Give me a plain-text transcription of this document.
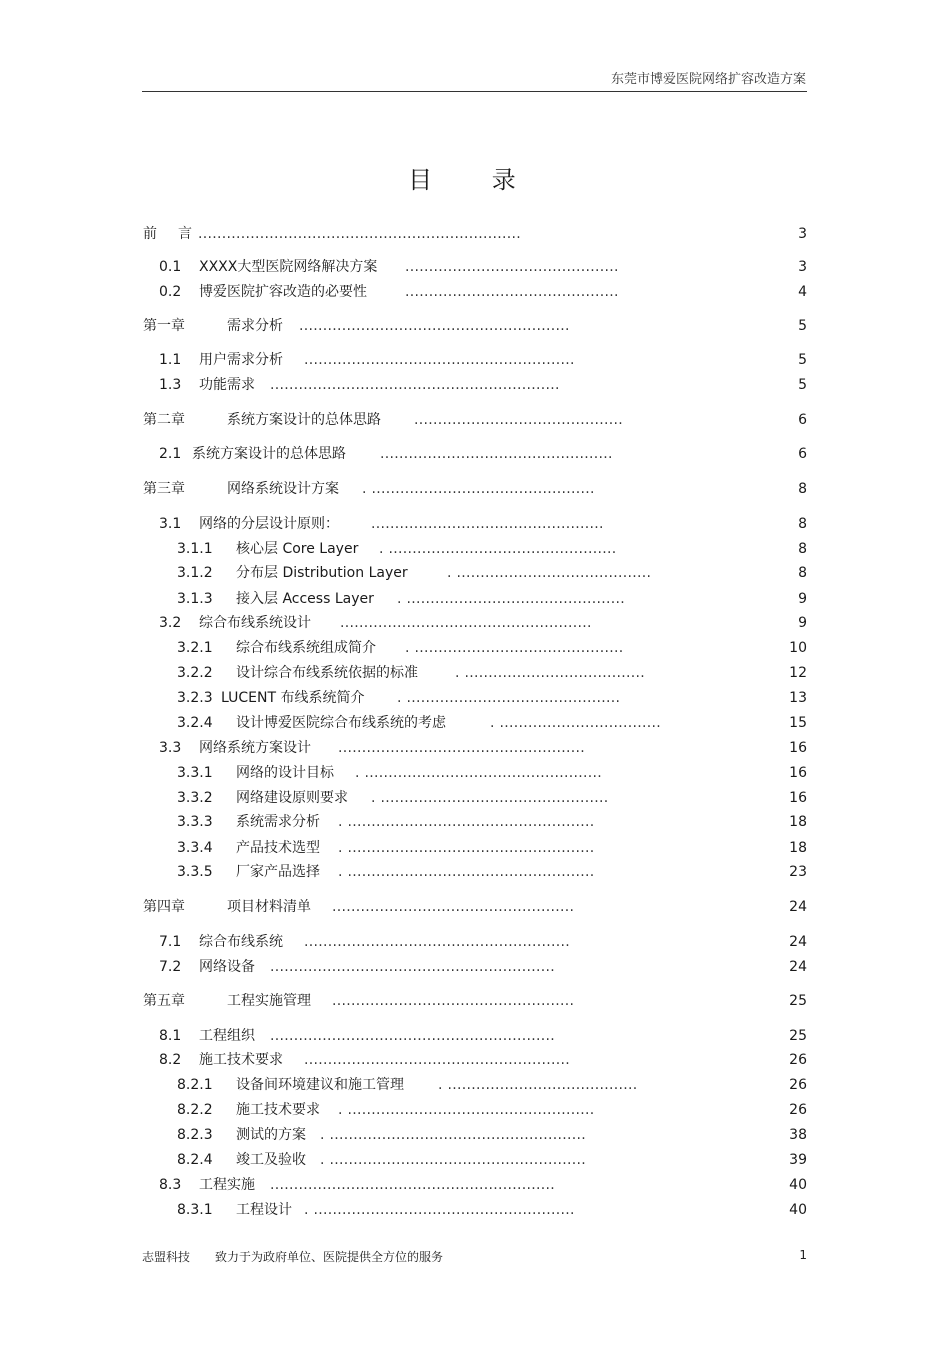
东莞市博爱医院网络扩容改造方案
目 录
前 言 ....................................................................	3
0.1 XXXX大型医院网络解决方案 .............................................	3
0.2 博爱医院扩容改造的必要性	.............................................	4
第一章	需求分析 .........................................................	5
1.1 用户需求分析 .........................................................	5
1.3 功能需求 .............................................................	5
第二章	系统方案设计的总体思路 ............................................	6
2.1 系统方案设计的总体思路 .................................................	6
第三章	网络系统设计方案 . ...............................................	8
3.1 网络的分层设计原则： .................................................	8
3.1.1 核心层 Core Layer . ................................................	8
3.1.2 分布层 Distribution Layer	. .........................................	8
3.1.3 接入层 Access Layer . ..............................................	9
3.2 综合布线系统设计 .....................................................	9
3.2.1 综合布线系统组成简介 . ............................................	10
3.2.2 设计综合布线系统依据的标准	. ......................................	12
3.2.3 LUCENT 布线系统简介 . .............................................	13
3.2.4 设计博爱医院综合布线系统的考虑	. ..................................	15
3.3 网络系统方案设计 ....................................................	16
3.3.1 网络的设计目标 . ..................................................	16
3.3.2 网络建设原则要求 . ................................................	16
3.3.3 系统需求分析 . ....................................................	18
3.3.4 产品技术选型 . ....................................................	18
3.3.5 厂家产品选择 . ....................................................	23
第四章	项目材料清单 ...................................................	24
7.1 综合布线系统 ........................................................	24
7.2 网络设备 ............................................................	24
第五章	工程实施管理 ...................................................	25
8.1 工程组织 ............................................................	25
8.2 施工技术要求 ........................................................	26
8.2.1 设备间环境建议和施工管理 . ........................................	26
8.2.2 施工技术要求 . ....................................................	26
8.2.3 测试的方案 . ......................................................	38
8.2.4 竣工及验收 . ......................................................	39
8.3 工程实施 ............................................................	40
8.3.1 工程设计 . .......................................................	40
志盟科技 致力于为政府单位、医院提供全方位的服务	1
